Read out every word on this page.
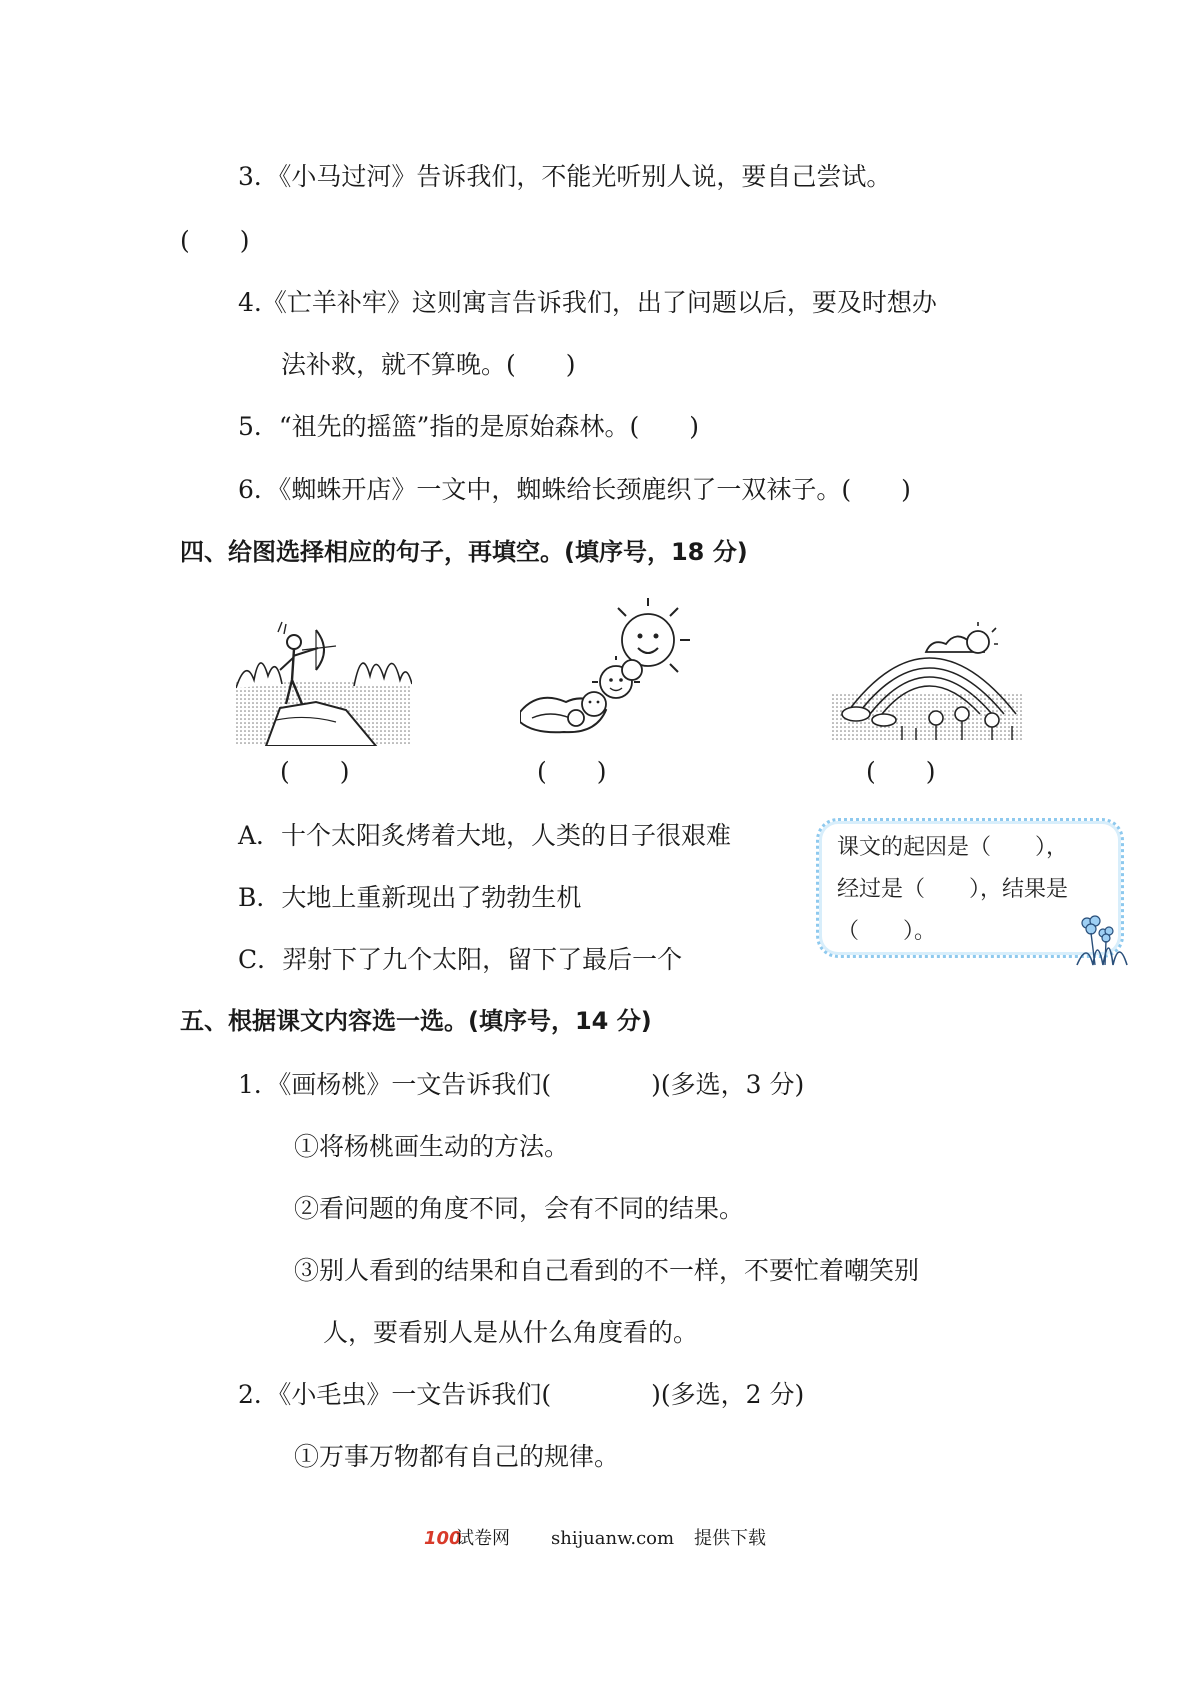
3．《小马过河》告诉我们，不能光听别人说，要自己尝试。
(　　)
4.《亡羊补牢》这则寓言告诉我们，出了问题以后，要及时想办
法补救，就不算晚。(　　)
5．“祖先的摇篮”指的是原始森林。(　　)
6．《蜘蛛开店》一文中，蜘蛛给长颈鹿织了一双袜子。(　　)
四、给图选择相应的句子，再填空。(填序号，18 分)
(　　)	(　　)	(　　)
A．十个太阳炙烤着大地，人类的日子很艰难
B．大地上重新现出了勃勃生机
C．羿射下了九个太阳，留下了最后一个
课文的起因是（　　），
经过是（　　），结果是
（　　）。
五、根据课文内容选一选。(填序号，14 分)
1．《画杨桃》一文告诉我们(　　　　)(多选，3 分)
①将杨桃画生动的方法。
②看问题的角度不同，会有不同的结果。
③别人看到的结果和自己看到的不一样，不要忙着嘲笑别
人，要看别人是从什么角度看的。
2．《小毛虫》一文告诉我们(　　　　)(多选，2 分)
①万事万物都有自己的规律。
100
试卷网 shijuanw.com 提供下载
